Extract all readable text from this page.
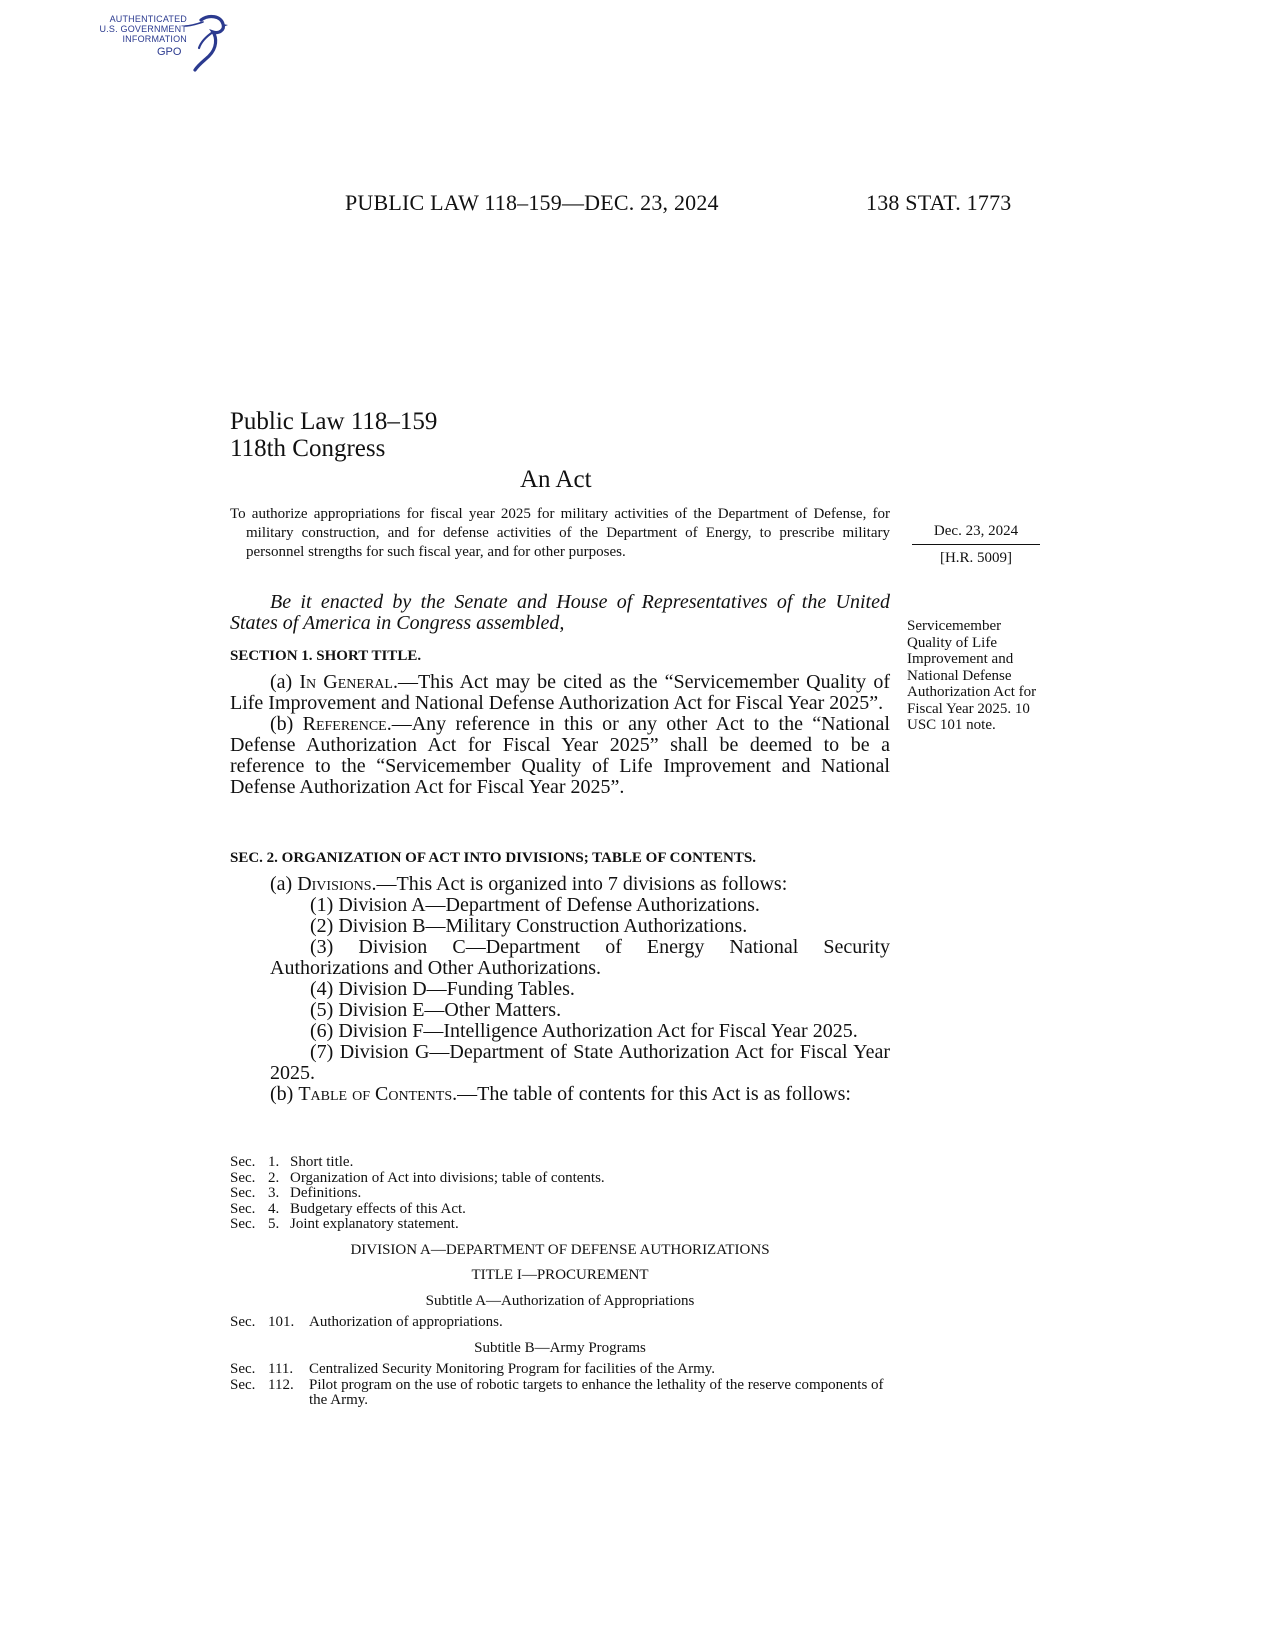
AUTHENTICATED
U.S. GOVERNMENT
INFORMATION
GPO
PUBLIC LAW 118–159—DEC. 23, 2024	138 STAT. 1773
Public Law 118–159
118th Congress
An Act
To authorize appropriations for fiscal year 2025 for military activities of the Department of Defense, for military construction, and for defense activities of the Department of Energy, to prescribe military personnel strengths for such fiscal year, and for other purposes.
Dec. 23, 2024
[H.R. 5009]
Servicemember Quality of Life Improvement and National Defense Authorization Act for Fiscal Year 2025. 10 USC 101 note.
Be it enacted by the Senate and House of Representatives of the United States of America in Congress assembled,
SECTION 1. SHORT TITLE.

(a) In General.—This Act may be cited as the “Servicemember Quality of Life Improvement and National Defense Authorization Act for Fiscal Year 2025”.

(b) Reference.—Any reference in this or any other Act to the “National Defense Authorization Act for Fiscal Year 2025” shall be deemed to be a reference to the “Servicemember Quality of Life Improvement and National Defense Authorization Act for Fiscal Year 2025”.

SEC. 2. ORGANIZATION OF ACT INTO DIVISIONS; TABLE OF CONTENTS.

(a) Divisions.—This Act is organized into 7 divisions as follows:

(1) Division A—Department of Defense Authorizations.

(2) Division B—Military Construction Authorizations.

(3) Division C—Department of Energy National Security Authorizations and Other Authorizations.

(4) Division D—Funding Tables.

(5) Division E—Other Matters.

(6) Division F—Intelligence Authorization Act for Fiscal Year 2025.

(7) Division G—Department of State Authorization Act for Fiscal Year 2025.

(b) Table of Contents.—The table of contents for this Act is as follows:

Sec. 1. Short title.
Sec. 2. Organization of Act into divisions; table of contents.
Sec. 3. Definitions.
Sec. 4. Budgetary effects of this Act.
Sec. 5. Joint explanatory statement.
DIVISION A—DEPARTMENT OF DEFENSE AUTHORIZATIONS
TITLE I—PROCUREMENT
Subtitle A—Authorization of Appropriations
Sec. 101. Authorization of appropriations.
Subtitle B—Army Programs
Sec. 111.	Centralized Security Monitoring Program for facilities of the Army.
Sec. 112.	Pilot program on the use of robotic targets to enhance the lethality of the reserve components of the Army.
